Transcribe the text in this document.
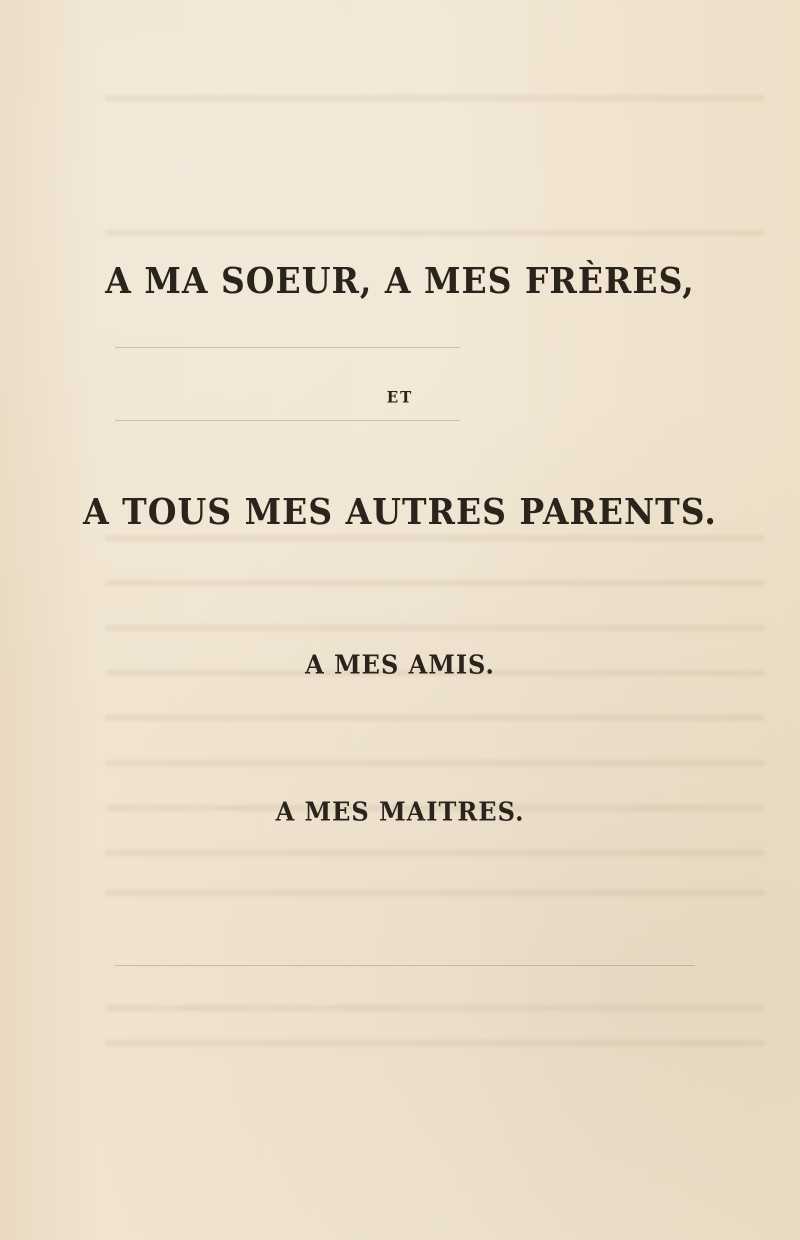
A MA SOEUR, A MES FRÈRES,

ET

A TOUS MES AUTRES PARENTS.

A MES AMIS.

A MES MAITRES.
